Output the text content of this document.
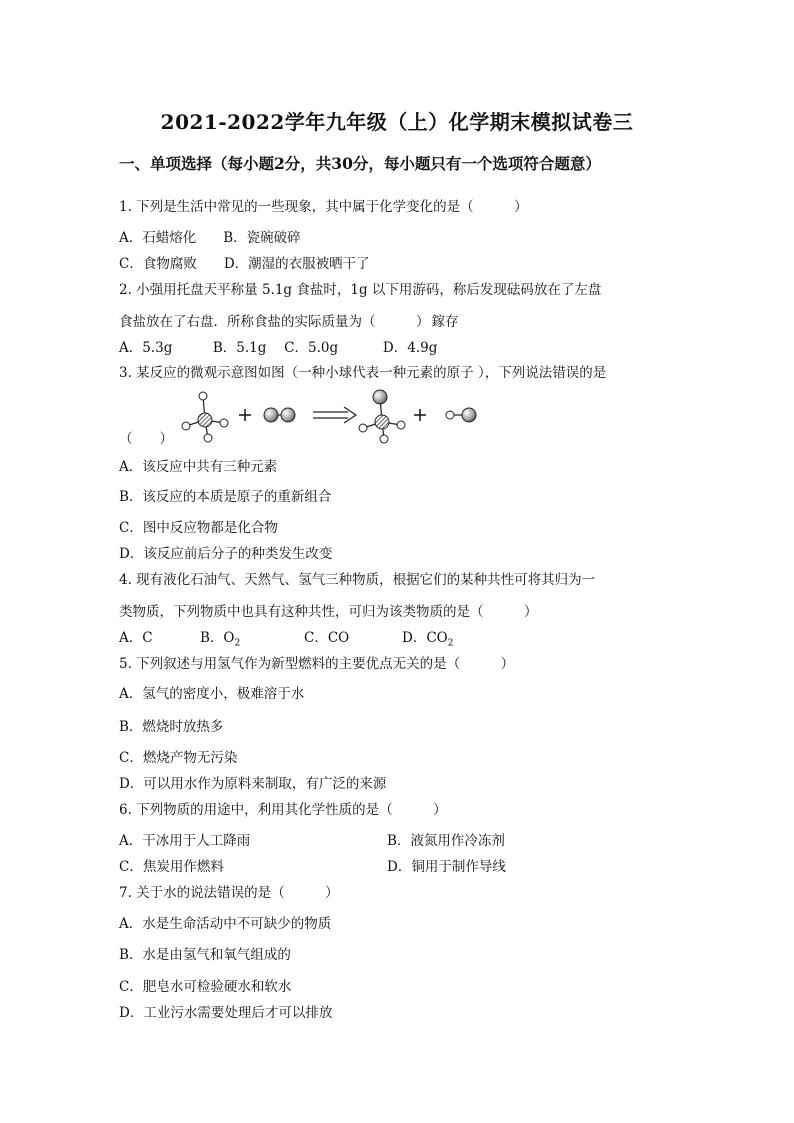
2021-2022学年九年级（上）化学期末模拟试卷三
一、单项选择（每小题2分，共30分，每小题只有一个选项符合题意）
1. 下列是生活中常见的一些现象，其中属于化学变化的是（　　　）
A．石蜡熔化　　B．瓷碗破碎
C．食物腐败　　D．潮湿的衣服被晒干了
2. 小强用托盘天平称量 5.1g 食盐时，1g 以下用游码，称后发现砝码放在了左盘
食盐放在了右盘．所称食盐的实际质量为（　　　） 鎵存
A．5.3g　　　B．5.1g　 C．5.0g　　　 D．4.9g
3. 某反应的微观示意图如图（一种小球代表一种元素的原子 ），下列说法错误的是
（　　）
A．该反应中共有三种元素
B．该反应的本质是原子的重新组合
C．图中反应物都是化合物
D．该反应前后分子的种类发生改变
4. 现有液化石油气、天然气、氢气三种物质，根据它们的某种共性可将其归为一
类物质，下列物质中也具有这种共性，可归为该类物质的是（　　　）
A．C	B．$O_2$	C．CO	D．$CO_2$
5. 下列叙述与用氢气作为新型燃料的主要优点无关的是（　　　）
A．氢气的密度小，极难溶于水
B．燃烧时放热多
C．燃烧产物无污染
D．可以用水作为原料来制取，有广泛的来源
6. 下列物质的用途中，利用其化学性质的是（　　　）
A．干冰用于人工降雨	B．液氮用作冷冻剂
C．焦炭用作燃料	D．铜用于制作导线
7. 关于水的说法错误的是（　　　）
A．水是生命活动中不可缺少的物质
B．水是由氢气和氧气组成的
C．肥皂水可检验硬水和软水
D．工业污水需要处理后才可以排放
